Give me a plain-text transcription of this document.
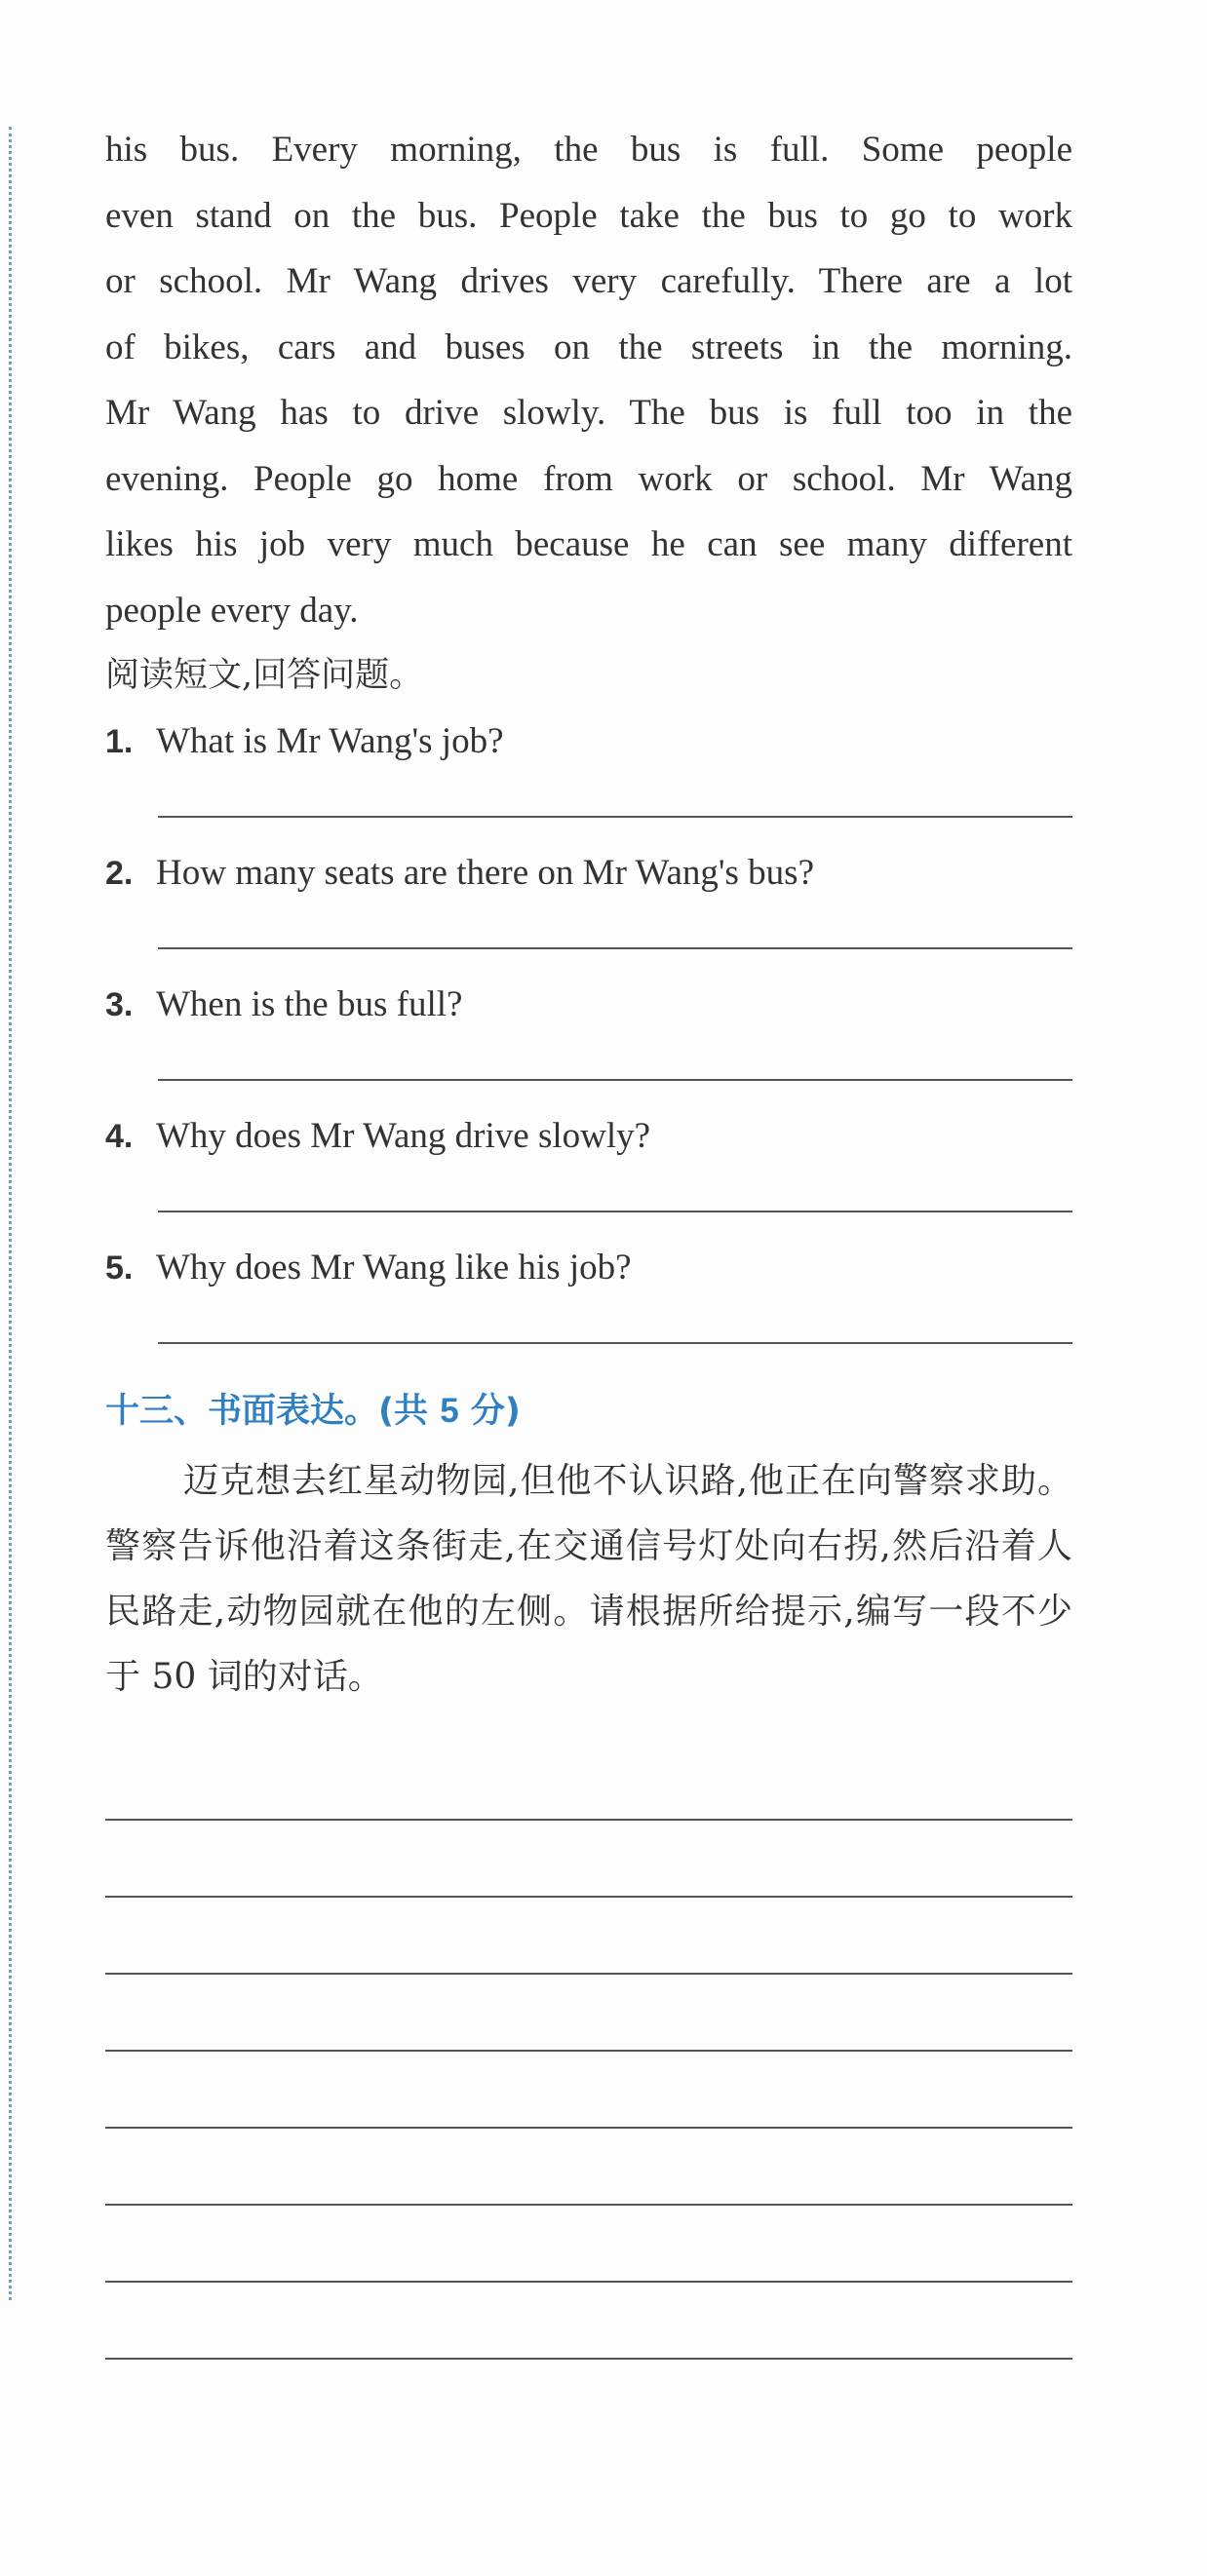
his bus. Every morning, the bus is full. Some people
even stand on the bus. People take the bus to go to work
or school. Mr Wang drives very carefully. There are a lot
of bikes, cars and buses on the streets in the morning.
Mr Wang has to drive slowly. The bus is full too in the
evening. People go home from work or school. Mr Wang
likes his job very much because he can see many different
people every day.

阅读短文,回答问题。

1. What is Mr Wang's job?
2. How many seats are there on Mr Wang's bus?
3. When is the bus full?
4. Why does Mr Wang drive slowly?
5. Why does Mr Wang like his job?
十三、书面表达。(共 5 分)

迈克想去红星动物园,但他不认识路,他正在向警察求助。警察告诉他沿着这条街走,在交通信号灯处向右拐,然后沿着人民路走,动物园就在他的左侧。请根据所给提示,编写一段不少于 50 词的对话。
